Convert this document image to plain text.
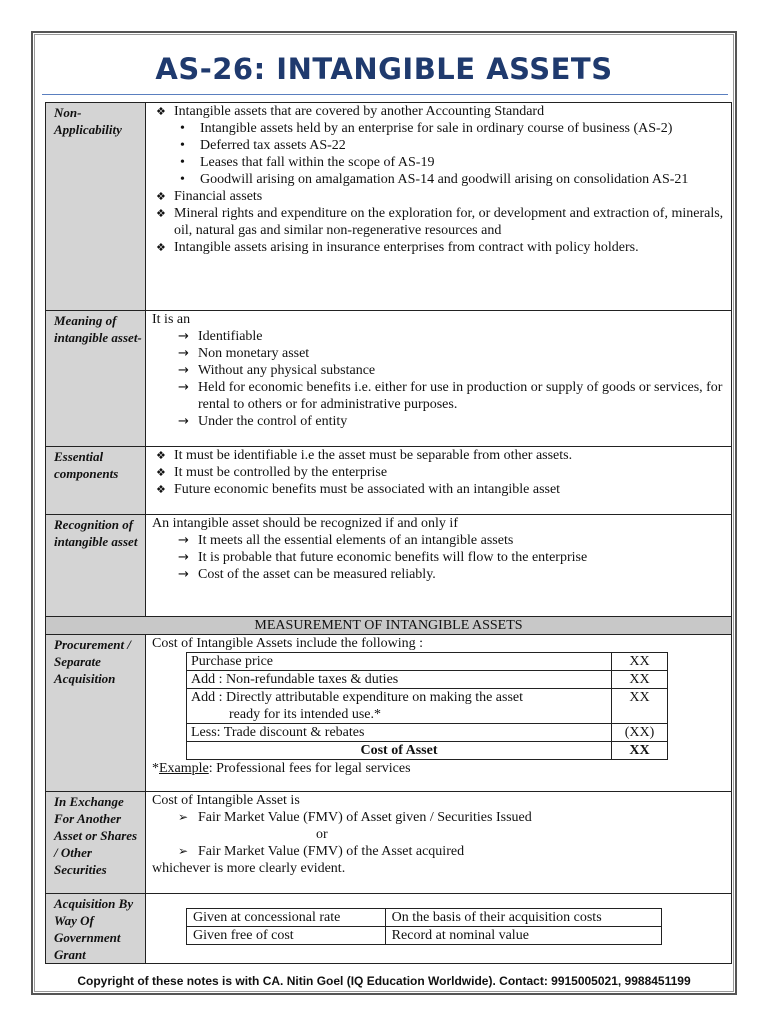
AS-26: INTANGIBLE ASSETS
Non-Applicability	
❖ Intangible assets that are covered by another Accounting Standard
• Intangible assets held by an enterprise for sale in ordinary course of business (AS-2)
• Deferred tax assets AS-22
• Leases that fall within the scope of AS-19
• Goodwill arising on amalgamation AS-14 and goodwill arising on consolidation AS-21
❖ Financial assets
❖ Mineral rights and expenditure on the exploration for, or development and extraction of, minerals, oil, natural gas and similar non-regenerative resources and
❖ Intangible assets arising in insurance enterprises from contract with policy holders.

Meaning of intangible asset-	
It is an
→ Identifiable
→ Non monetary asset
→ Without any physical substance
→ Held for economic benefits i.e. either for use in production or supply of goods or services, for rental to others or for administrative purposes.
→ Under the control of entity

Essential components	
❖ It must be identifiable i.e the asset must be separable from other assets.
❖ It must be controlled by the enterprise
❖ Future economic benefits must be associated with an intangible asset

Recognition of intangible asset	
An intangible asset should be recognized if and only if
→ It meets all the essential elements of an intangible assets
→ It is probable that future economic benefits will flow to the enterprise
→ Cost of the asset can be measured reliably.

MEASUREMENT OF INTANGIBLE ASSETS
Procurement / Separate Acquisition	
Cost of Intangible Assets include the following :
Purchase price	XX
Add : Non-refundable taxes & duties	XX
Add : Directly attributable expenditure on making the asset
ready for its intended use.*
	XX
Less: Trade discount & rebates	(XX)
Cost of Asset	XX
*Example: Professional fees for legal services

In Exchange For Another Asset or Shares / Other Securities	
Cost of Intangible Asset is
➢ Fair Market Value (FMV) of Asset given / Securities Issued
or
➢ Fair Market Value (FMV) of the Asset acquired
whichever is more clearly evident.

Acquisition By Way Of Government Grant	
Given at concessional rate	On the basis of their acquisition costs
Given free of cost	Record at nominal value
Copyright of these notes is with CA. Nitin Goel (IQ Education Worldwide). Contact: 9915005021, 9988451199
